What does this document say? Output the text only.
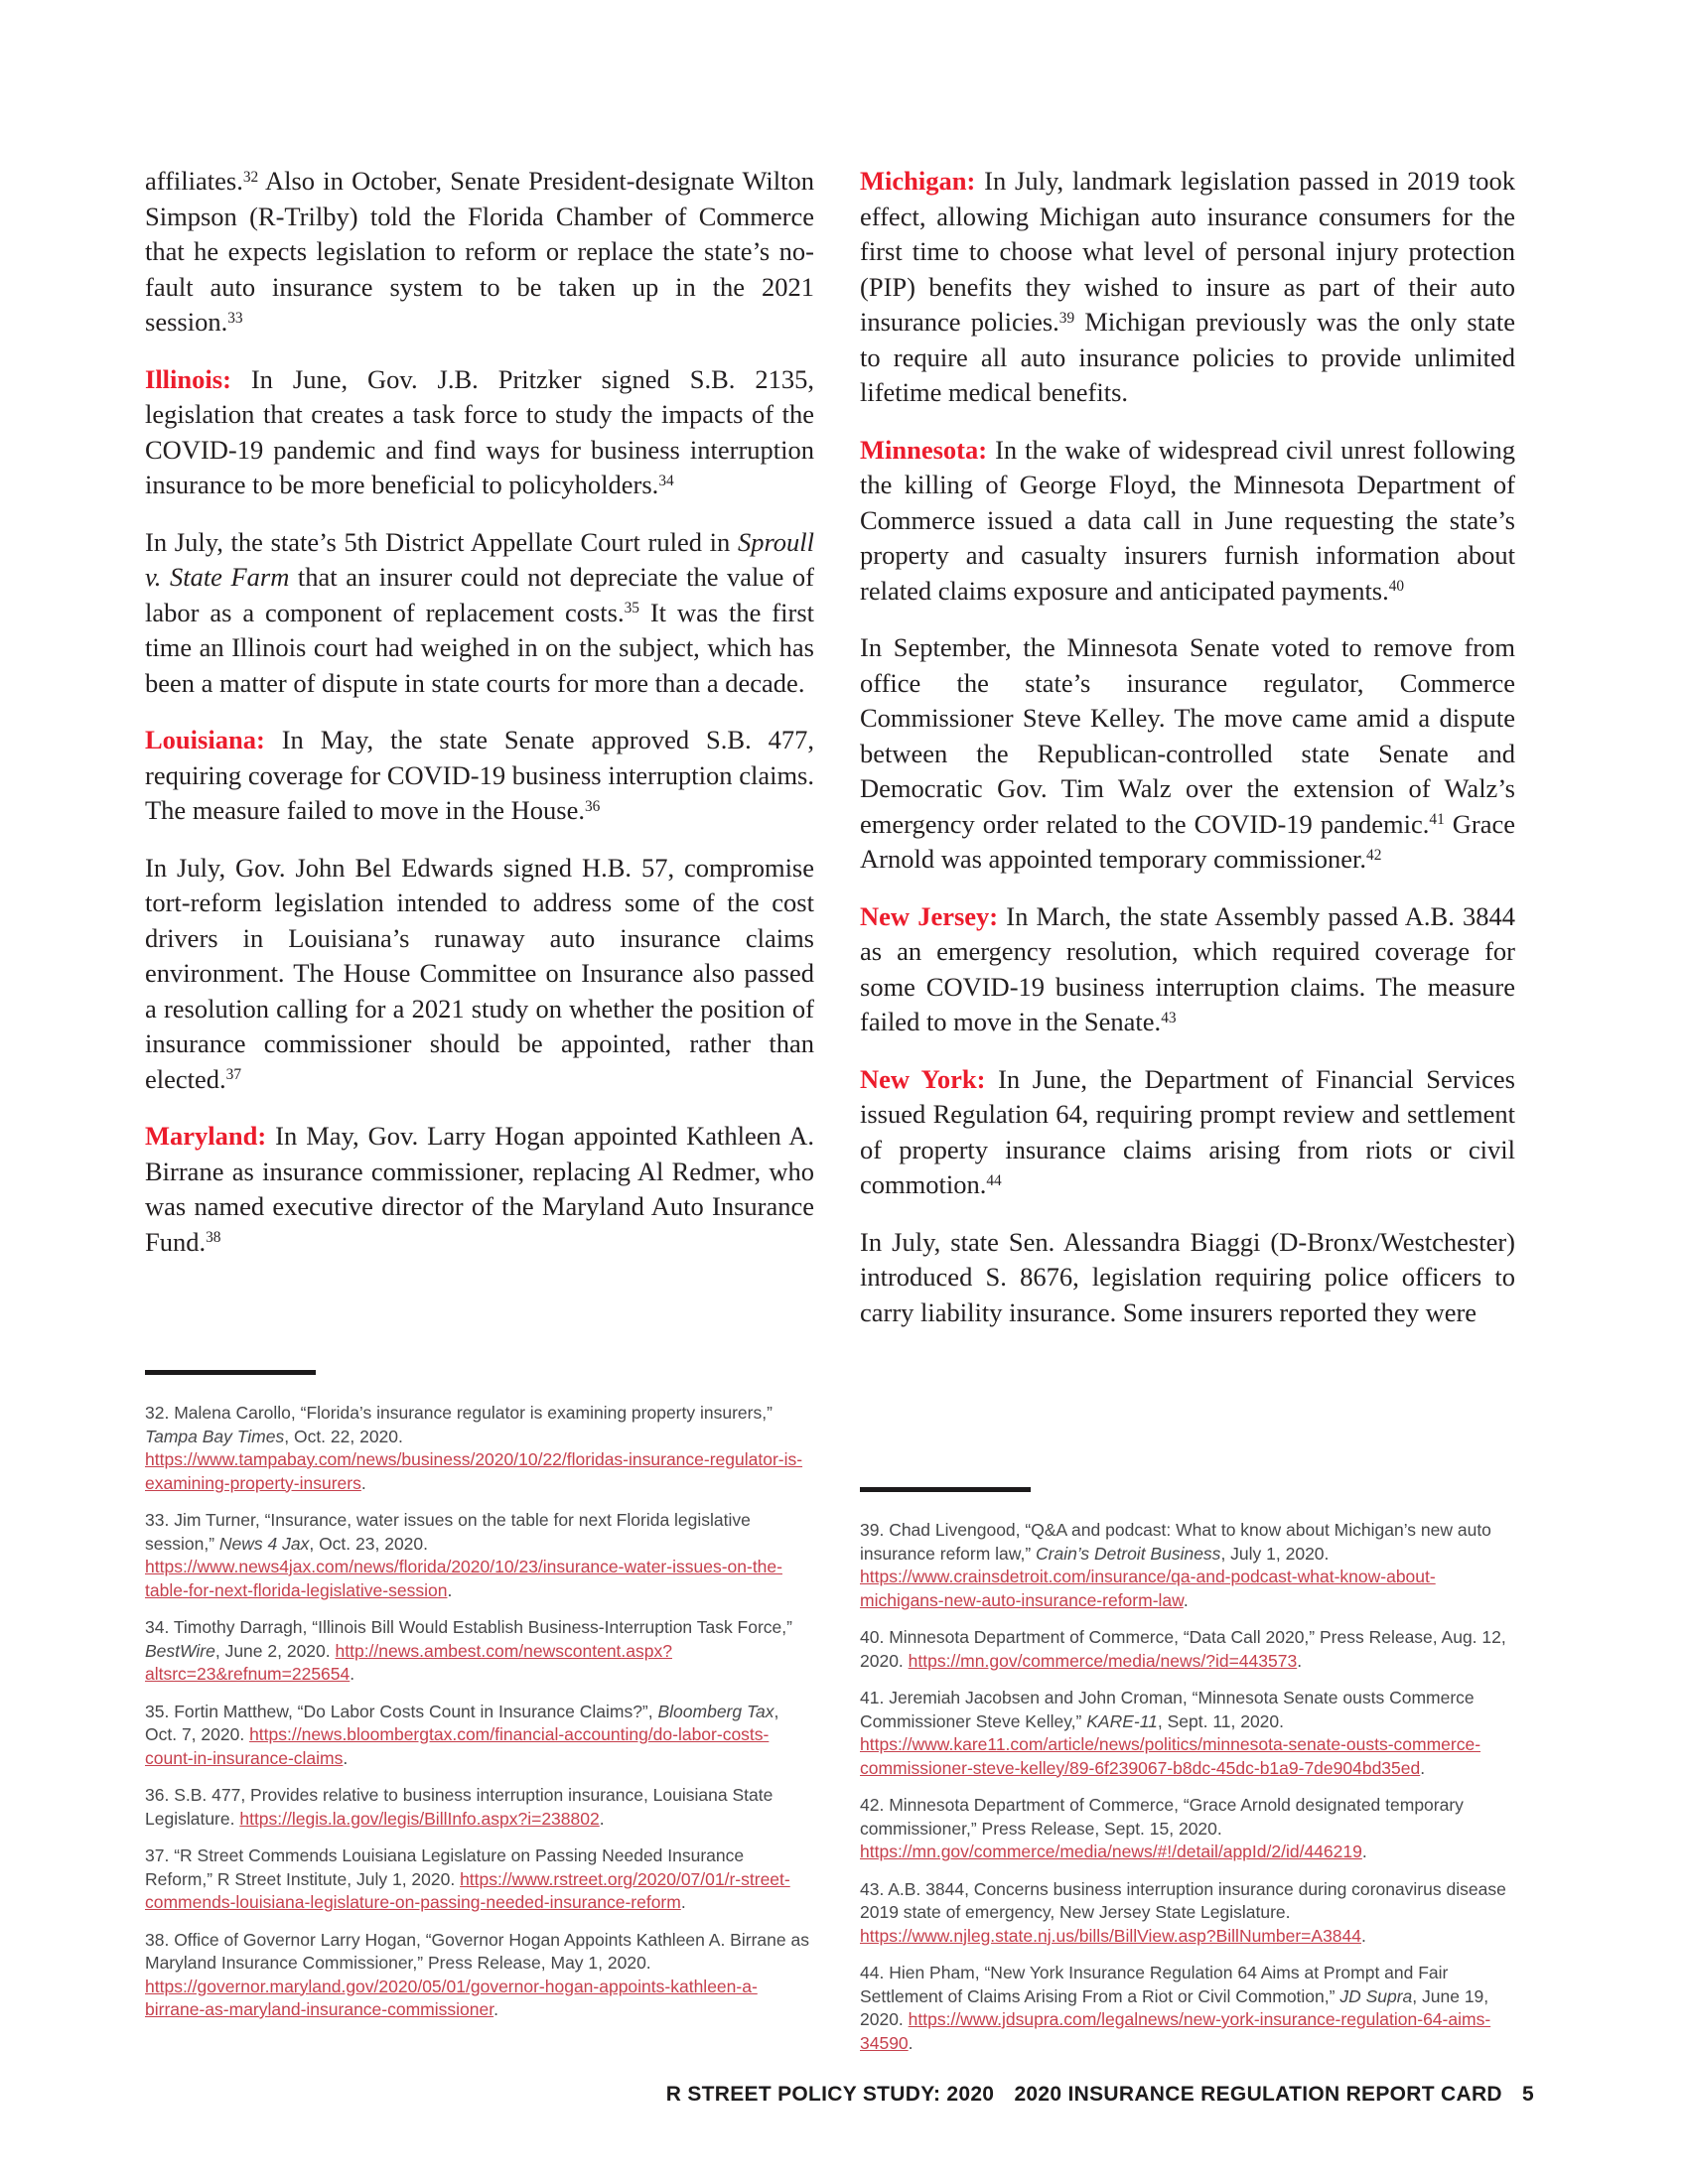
affiliates.$^{32}$ Also in October, Senate President-designate Wilton Simpson (R-Trilby) told the Florida Chamber of Commerce that he expects legislation to reform or replace the state’s no-fault auto insurance system to be taken up in the 2021 session.$^{33}$

Illinois: In June, Gov. J.B. Pritzker signed S.B. 2135, legislation that creates a task force to study the impacts of the COVID-19 pandemic and find ways for business interruption insurance to be more beneficial to policyholders.$^{34}$

In July, the state’s 5th District Appellate Court ruled in Sproull v. State Farm that an insurer could not depreciate the value of labor as a component of replacement costs.$^{35}$ It was the first time an Illinois court had weighed in on the subject, which has been a matter of dispute in state courts for more than a decade.

Louisiana: In May, the state Senate approved S.B. 477, requiring coverage for COVID-19 business interruption claims. The measure failed to move in the House.$^{36}$

In July, Gov. John Bel Edwards signed H.B. 57, compromise tort-reform legislation intended to address some of the cost drivers in Louisiana’s runaway auto insurance claims environment. The House Committee on Insurance also passed a resolution calling for a 2021 study on whether the position of insurance commissioner should be appointed, rather than elected.$^{37}$

Maryland: In May, Gov. Larry Hogan appointed Kathleen A. Birrane as insurance commissioner, replacing Al Redmer, who was named executive director of the Maryland Auto Insurance Fund.$^{38}$

Michigan: In July, landmark legislation passed in 2019 took effect, allowing Michigan auto insurance consumers for the first time to choose what level of personal injury protection (PIP) benefits they wished to insure as part of their auto insurance policies.$^{39}$ Michigan previously was the only state to require all auto insurance policies to provide unlimited lifetime medical benefits.

Minnesota: In the wake of widespread civil unrest following the killing of George Floyd, the Minnesota Department of Commerce issued a data call in June requesting the state’s property and casualty insurers furnish information about related claims exposure and anticipated payments.$^{40}$

In September, the Minnesota Senate voted to remove from office the state’s insurance regulator, Commerce Commissioner Steve Kelley. The move came amid a dispute between the Republican-controlled state Senate and Democratic Gov. Tim Walz over the extension of Walz’s emergency order related to the COVID-19 pandemic.$^{41}$ Grace Arnold was appointed temporary commissioner.$^{42}$

New Jersey: In March, the state Assembly passed A.B. 3844 as an emergency resolution, which required coverage for some COVID-19 business interruption claims. The measure failed to move in the Senate.$^{43}$

New York: In June, the Department of Financial Services issued Regulation 64, requiring prompt review and settlement of property insurance claims arising from riots or civil commotion.$^{44}$

In July, state Sen. Alessandra Biaggi (D-Bronx/Westchester) introduced S. 8676, legislation requiring police officers to carry liability insurance. Some insurers reported they were

32. Malena Carollo, “Florida’s insurance regulator is examining property insurers,” Tampa Bay Times, Oct. 22, 2020. https://www.tampabay.com/news/business/2020/10/22/floridas-insurance-regulator-is-examining-property-insurers.

33. Jim Turner, “Insurance, water issues on the table for next Florida legislative session,” News 4 Jax, Oct. 23, 2020. https://www.news4jax.com/news/florida/2020/10/23/insurance-water-issues-on-the-table-for-next-florida-legislative-session.

34. Timothy Darragh, “Illinois Bill Would Establish Business-Interruption Task Force,” BestWire, June 2, 2020. http://news.ambest.com/newscontent.aspx?altsrc=23&refnum=225654.

35. Fortin Matthew, “Do Labor Costs Count in Insurance Claims?”, Bloomberg Tax, Oct. 7, 2020. https://news.bloombergtax.com/financial-accounting/do-labor-costs-count-in-insurance-claims.

36. S.B. 477, Provides relative to business interruption insurance, Louisiana State Legislature. https://legis.la.gov/legis/BillInfo.aspx?i=238802.

37. “R Street Commends Louisiana Legislature on Passing Needed Insurance Reform,” R Street Institute, July 1, 2020. https://www.rstreet.org/2020/07/01/r-street-commends-louisiana-legislature-on-passing-needed-insurance-reform.

38. Office of Governor Larry Hogan, “Governor Hogan Appoints Kathleen A. Birrane as Maryland Insurance Commissioner,” Press Release, May 1, 2020. https://governor.maryland.gov/2020/05/01/governor-hogan-appoints-kathleen-a-birrane-as-maryland-insurance-commissioner.

39. Chad Livengood, “Q&A and podcast: What to know about Michigan’s new auto insurance reform law,” Crain’s Detroit Business, July 1, 2020. https://www.crainsdetroit.com/insurance/qa-and-podcast-what-know-about-michigans-new-auto-insurance-reform-law.

40. Minnesota Department of Commerce, “Data Call 2020,” Press Release, Aug. 12, 2020. https://mn.gov/commerce/media/news/?id=443573.

41. Jeremiah Jacobsen and John Croman, “Minnesota Senate ousts Commerce Commissioner Steve Kelley,” KARE-11, Sept. 11, 2020. https://www.kare11.com/article/news/politics/minnesota-senate-ousts-commerce-commissioner-steve-kelley/89-6f239067-b8dc-45dc-b1a9-7de904bd35ed.

42. Minnesota Department of Commerce, “Grace Arnold designated temporary commissioner,” Press Release, Sept. 15, 2020. https://mn.gov/commerce/media/news/#!/detail/appId/2/id/446219.

43. A.B. 3844, Concerns business interruption insurance during coronavirus disease 2019 state of emergency, New Jersey State Legislature. https://www.njleg.state.nj.us/bills/BillView.asp?BillNumber=A3844.

44. Hien Pham, “New York Insurance Regulation 64 Aims at Prompt and Fair Settlement of Claims Arising From a Riot or Civil Commotion,” JD Supra, June 19, 2020. https://www.jdsupra.com/legalnews/new-york-insurance-regulation-64-aims-34590.

R STREET POLICY STUDY: 2020 2020 INSURANCE REGULATION REPORT CARD 5
